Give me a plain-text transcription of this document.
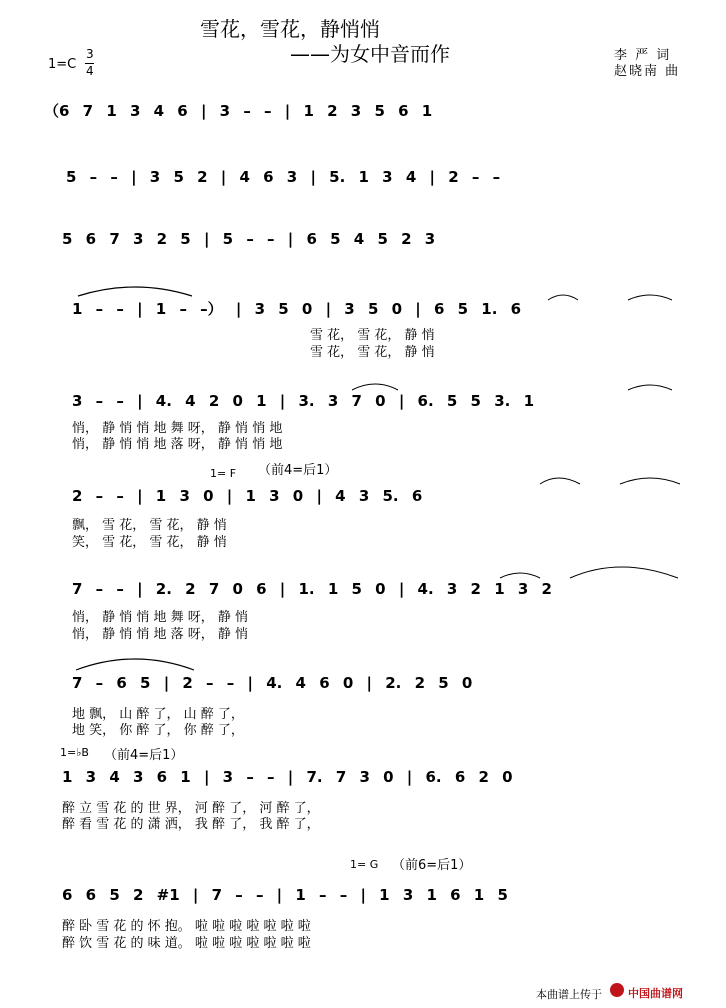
雪花，雪花，静悄悄
——为女中音而作
1=C
3
4
李 严 词
赵晓南 曲
（6 7 1 3 4 6 | 3 – – | 1 2 3 5 6 1
5 – – | 3 5 2 | 4 6 3 | 5. 1 3 4 | 2 – –
5 6 7 3 2 5 | 5 – – | 6 5 4 5 2 3
1 – – | 1 – –） | 3 5 0 | 3 5 0 | 6 5 1. 6
雪 花， 雪 花， 静 悄
雪 花， 雪 花， 静 悄
3 – – | 4. 4 2 0 1 | 3. 3 7 0 | 6. 5 5 3. 1
悄， 静 悄 悄 地 舞 呀， 静 悄 悄 地
悄， 静 悄 悄 地 落 呀， 静 悄 悄 地
1= F （前4=后1）
2 – – | 1 3 0 | 1 3 0 | 4 3 5. 6
飘， 雪 花， 雪 花， 静 悄
笑， 雪 花， 雪 花， 静 悄
7 – – | 2. 2 7 0 6 | 1. 1 5 0 | 4. 3 2 1 3 2
悄， 静 悄 悄 地 舞 呀， 静 悄
悄， 静 悄 悄 地 落 呀， 静 悄
7 – 6 5 | 2 – – | 4. 4 6 0 | 2. 2 5 0
地 飘， 山 醉 了， 山 醉 了，
地 笑， 你 醉 了， 你 醉 了，
1=♭B （前4=后1）
1 3 4 3 6 1 | 3 – – | 7. 7 3 0 | 6. 6 2 0
醉 立 雪 花 的 世 界， 河 醉 了， 河 醉 了，
醉 看 雪 花 的 潇 洒， 我 醉 了， 我 醉 了，
1= G （前6=后1）
6 6 5 2 #1 | 7 – – | 1 – – | 1 3 1 6 1 5
醉 卧 雪 花 的 怀 抱。 啦 啦 啦 啦 啦 啦 啦
醉 饮 雪 花 的 味 道。 啦 啦 啦 啦 啦 啦 啦
本曲谱上传于 中国曲谱网
